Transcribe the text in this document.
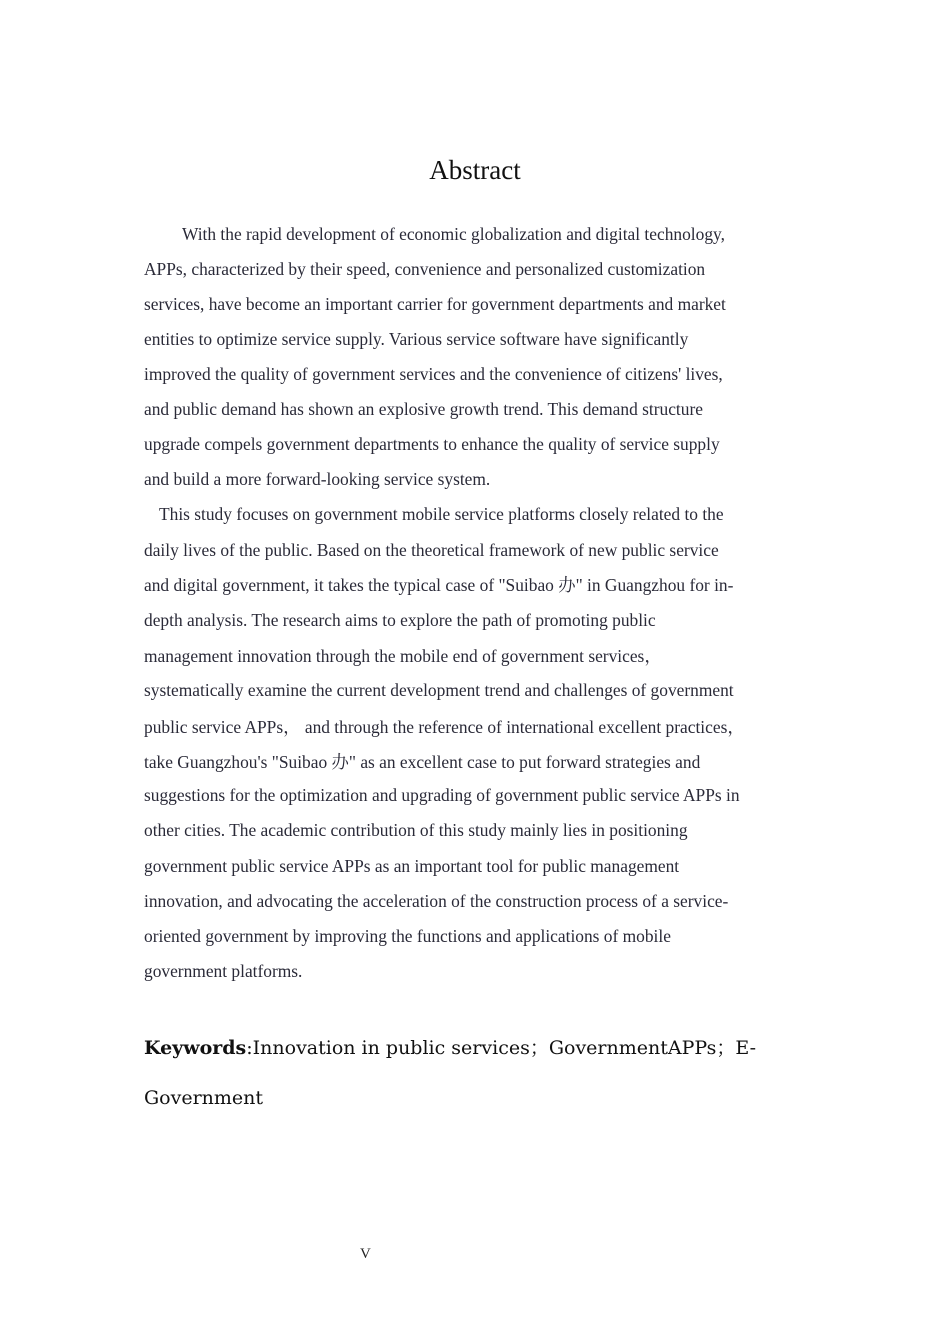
Abstract
With the rapid development of economic globalization and digital technology,
APPs, characterized by their speed, convenience and personalized customization
services, have become an important carrier for government departments and market
entities to optimize service supply. Various service software have significantly
improved the quality of government services and the convenience of citizens' lives,
and public demand has shown an explosive growth trend. This demand structure
upgrade compels government departments to enhance the quality of service supply
and build a more forward-looking service system.
This study focuses on government mobile service platforms closely related to the
daily lives of the public. Based on the theoretical framework of new public service
and digital government, it takes the typical case of "Suibao 办" in Guangzhou for in-
depth analysis. The research aims to explore the path of promoting public
management innovation through the mobile end of government services，
systematically examine the current development trend and challenges of government
public service APPs， and through the reference of international excellent practices，
take Guangzhou's "Suibao 办" as an excellent case to put forward strategies and
suggestions for the optimization and upgrading of government public service APPs in
other cities. The academic contribution of this study mainly lies in positioning
government public service APPs as an important tool for public management
innovation, and advocating the acceleration of the construction process of a service-
oriented government by improving the functions and applications of mobile
government platforms.
Keywords:Innovation in public services；GovernmentAPPs；E-
Government
V
